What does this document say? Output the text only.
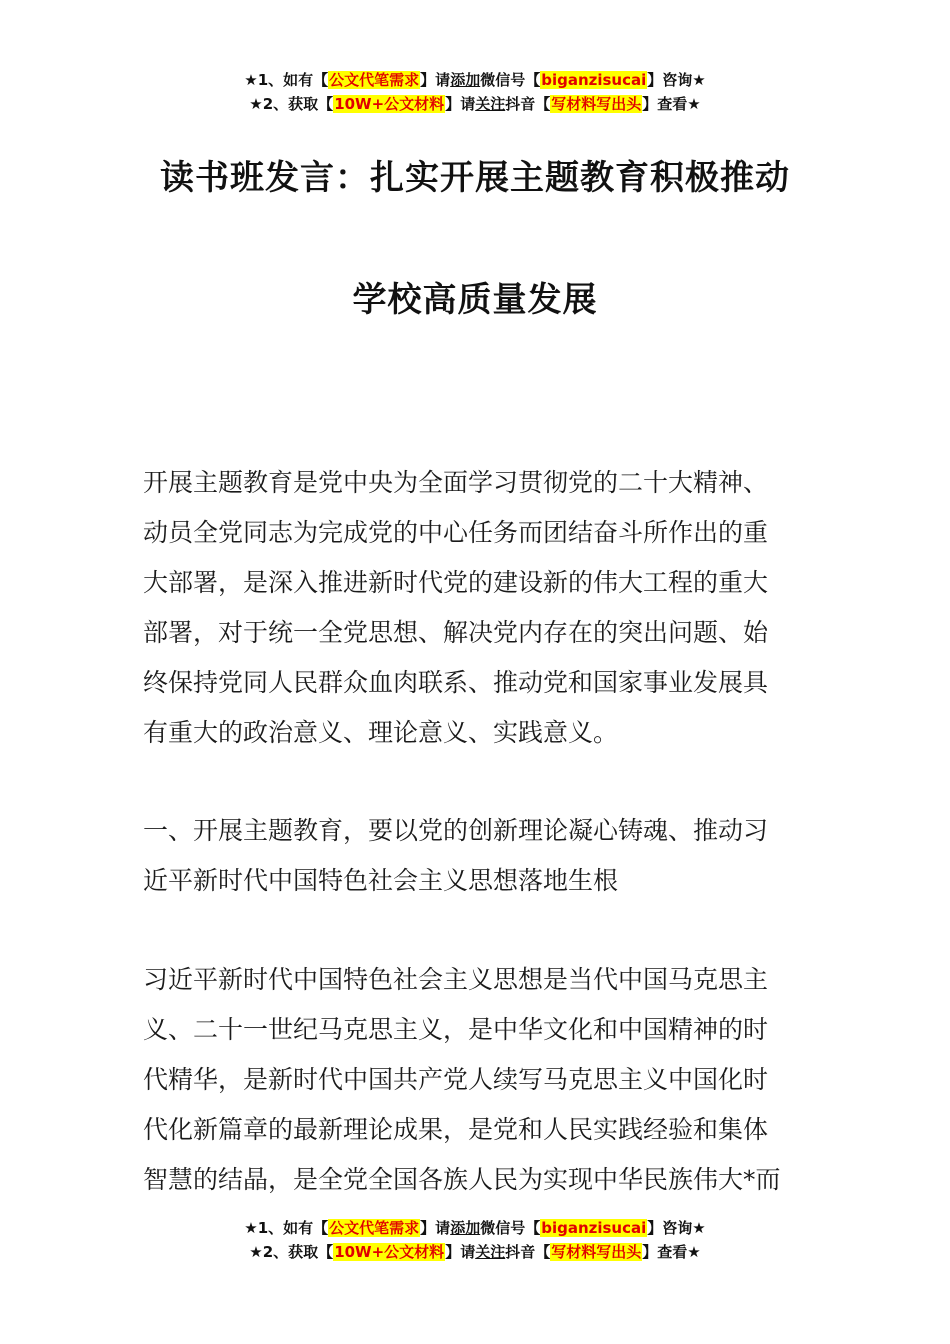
★1、如有【公文代笔需求】请添加微信号【biganzisucai】咨询★
★2、获取【10W+公文材料】请关注抖音【写材料写出头】查看★
读书班发言：扎实开展主题教育积极推动
学校高质量发展
开展主题教育是党中央为全面学习贯彻党的二十大精神、
动员全党同志为完成党的中心任务而团结奋斗所作出的重
大部署，是深入推进新时代党的建设新的伟大工程的重大
部署，对于统一全党思想、解决党内存在的突出问题、始
终保持党同人民群众血肉联系、推动党和国家事业发展具
有重大的政治意义、理论意义、实践意义。
一、开展主题教育，要以党的创新理论凝心铸魂、推动习
近平新时代中国特色社会主义思想落地生根
习近平新时代中国特色社会主义思想是当代中国马克思主
义、二十一世纪马克思主义，是中华文化和中国精神的时
代精华，是新时代中国共产党人续写马克思主义中国化时
代化新篇章的最新理论成果，是党和人民实践经验和集体
智慧的结晶，是全党全国各族人民为实现中华民族伟大*而
★1、如有【公文代笔需求】请添加微信号【biganzisucai】咨询★
★2、获取【10W+公文材料】请关注抖音【写材料写出头】查看★
